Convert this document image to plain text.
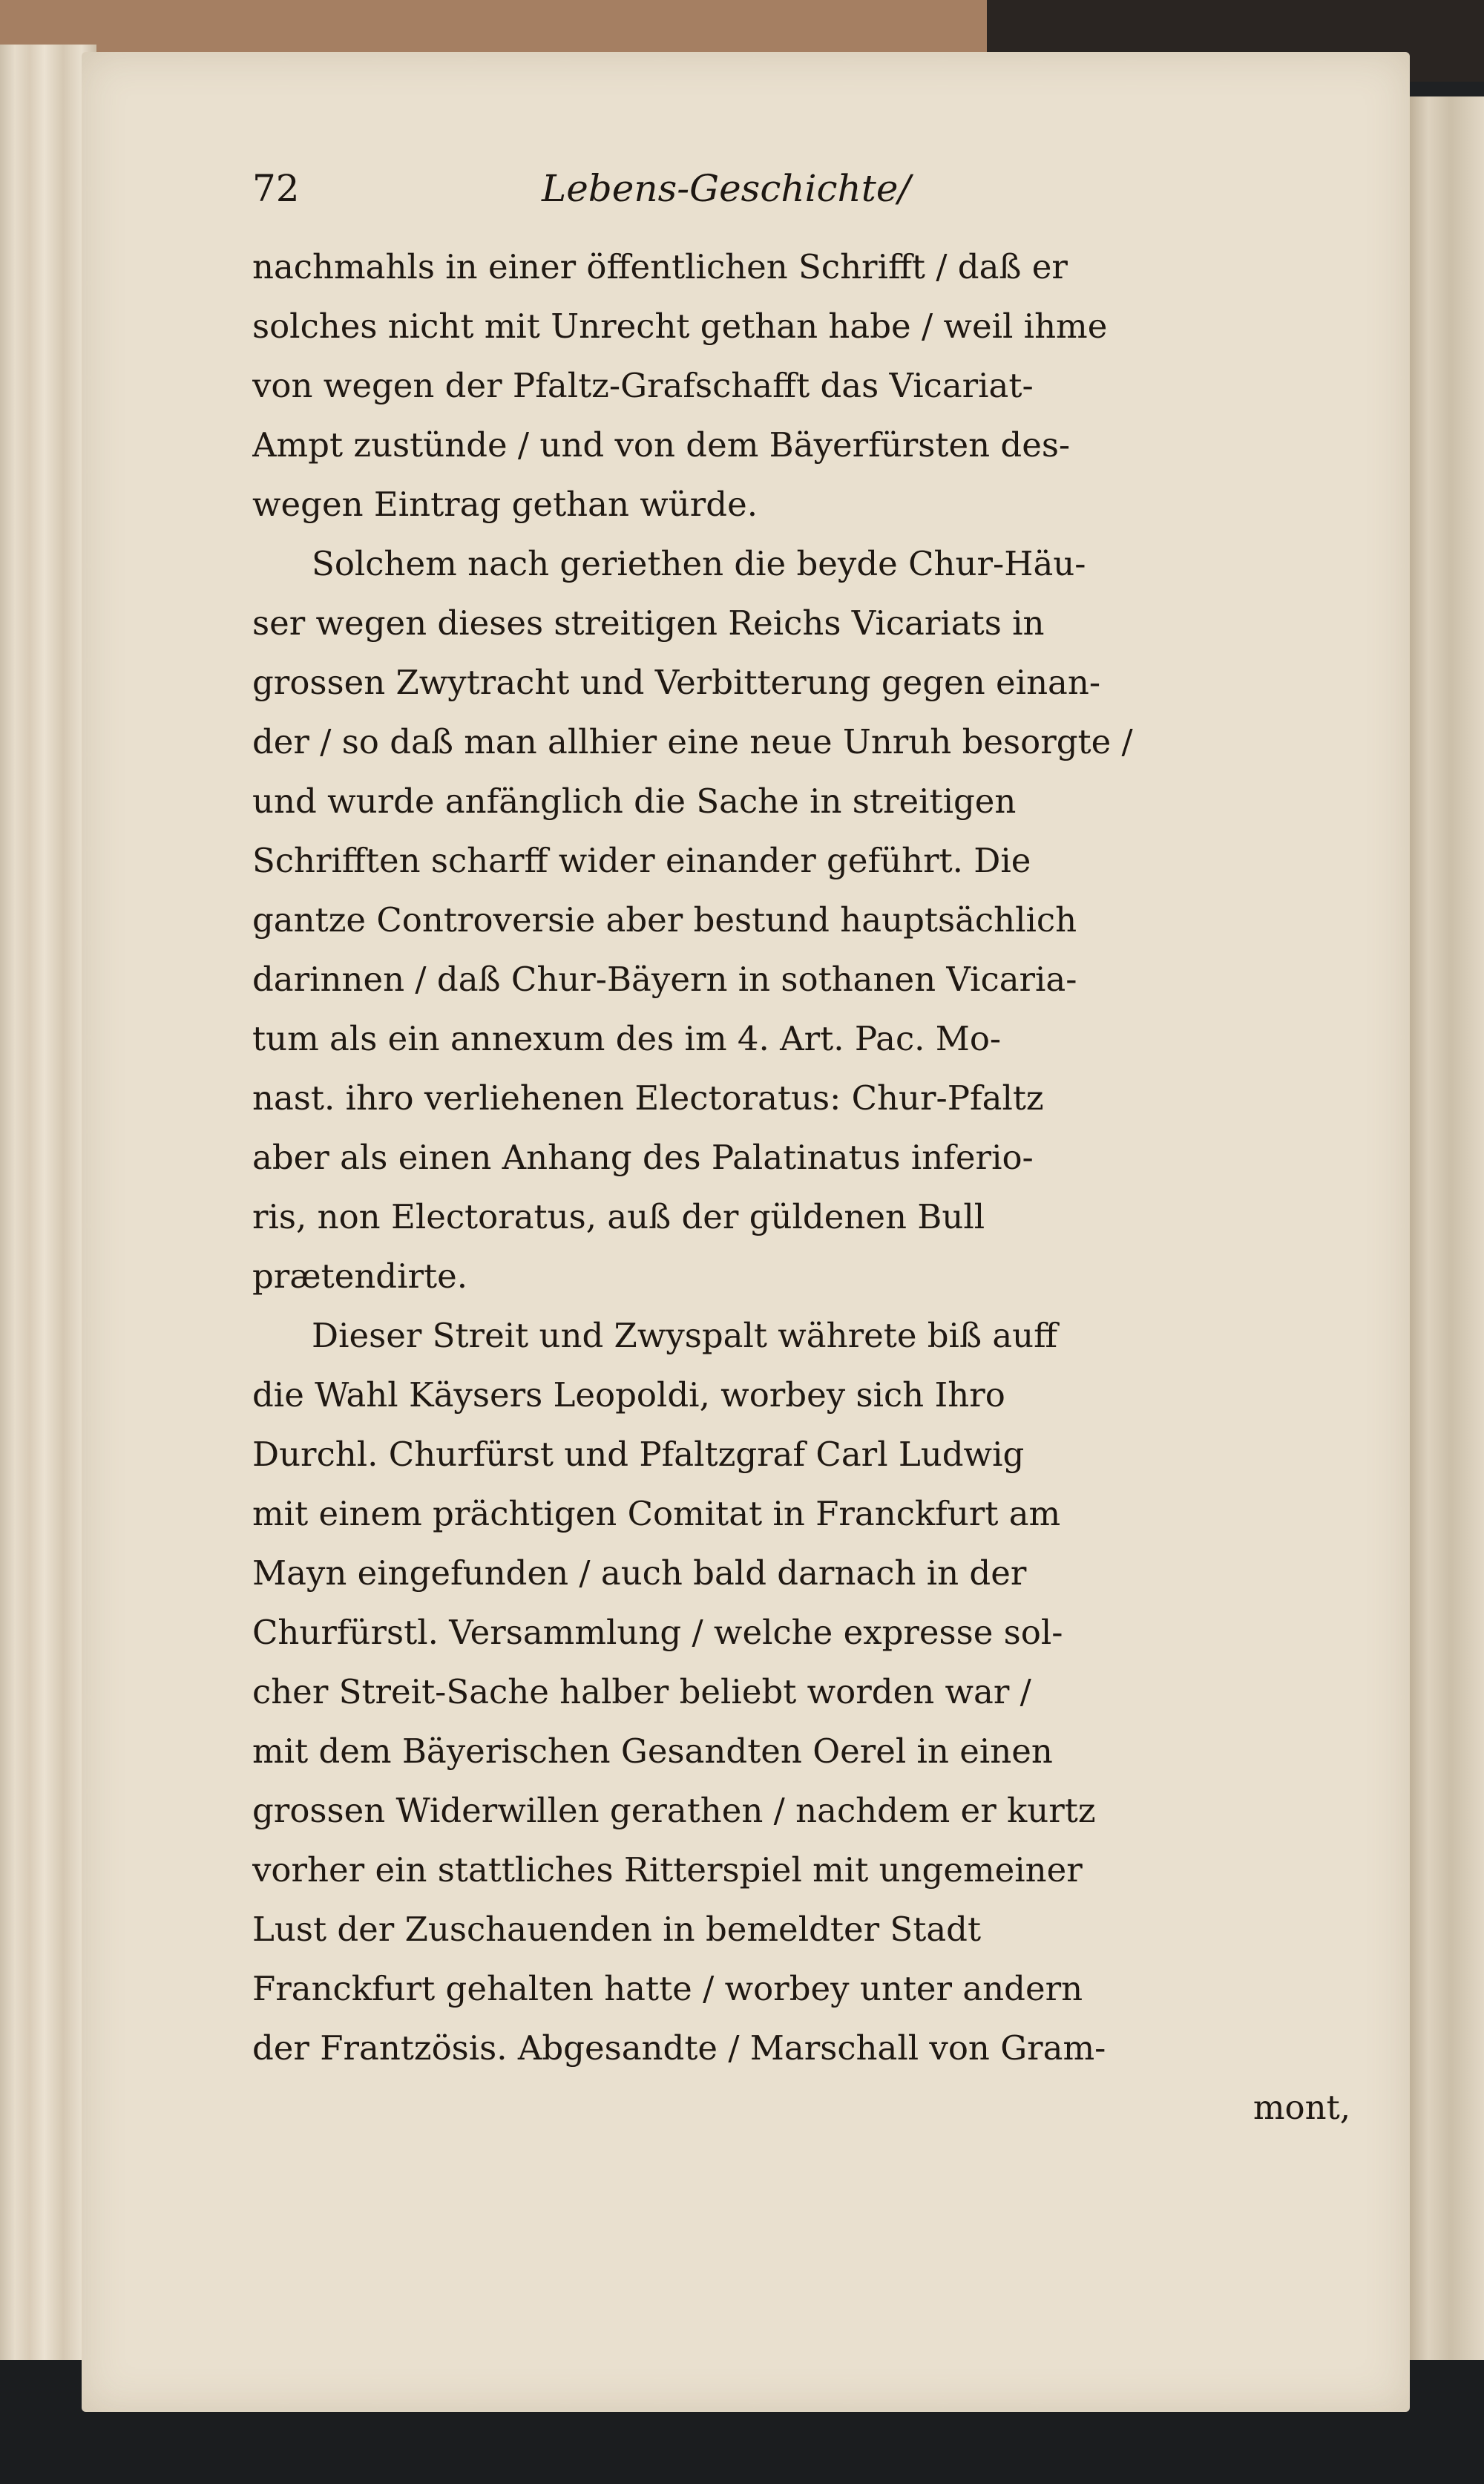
72	Lebens-Geschichte/
nachmahls in einer öffentlichen Schrifft / daß er
solches nicht mit Unrecht gethan habe / weil ihme
von wegen der Pfaltz-Grafschafft das Vicariat-
Ampt zustünde / und von dem Bäyerfürsten des-
wegen Eintrag gethan würde.
Solchem nach geriethen die beyde Chur-Häu-
ser wegen dieses streitigen Reichs Vicariats in
grossen Zwytracht und Verbitterung gegen einan-
der / so daß man allhier eine neue Unruh besorgte /
und wurde anfänglich die Sache in streitigen
Schrifften scharff wider einander geführt. Die
gantze Controversie aber bestund hauptsächlich
darinnen / daß Chur-Bäyern in sothanen Vicaria-
tum als ein annexum des im 4. Art. Pac. Mo-
nast. ihro verliehenen Electoratus: Chur-Pfaltz
aber als einen Anhang des Palatinatus inferio-
ris, non Electoratus, auß der güldenen Bull
prætendirte.
Dieser Streit und Zwyspalt währete biß auff
die Wahl Käysers Leopoldi, worbey sich Ihro
Durchl. Churfürst und Pfaltzgraf Carl Ludwig
mit einem prächtigen Comitat in Franckfurt am
Mayn eingefunden / auch bald darnach in der
Churfürstl. Versammlung / welche expresse sol-
cher Streit-Sache halber beliebt worden war /
mit dem Bäyerischen Gesandten Oerel in einen
grossen Widerwillen gerathen / nachdem er kurtz
vorher ein stattliches Ritterspiel mit ungemeiner
Lust der Zuschauenden in bemeldter Stadt
Franckfurt gehalten hatte / worbey unter andern
der Frantzösis. Abgesandte / Marschall von Gram-
mont,
